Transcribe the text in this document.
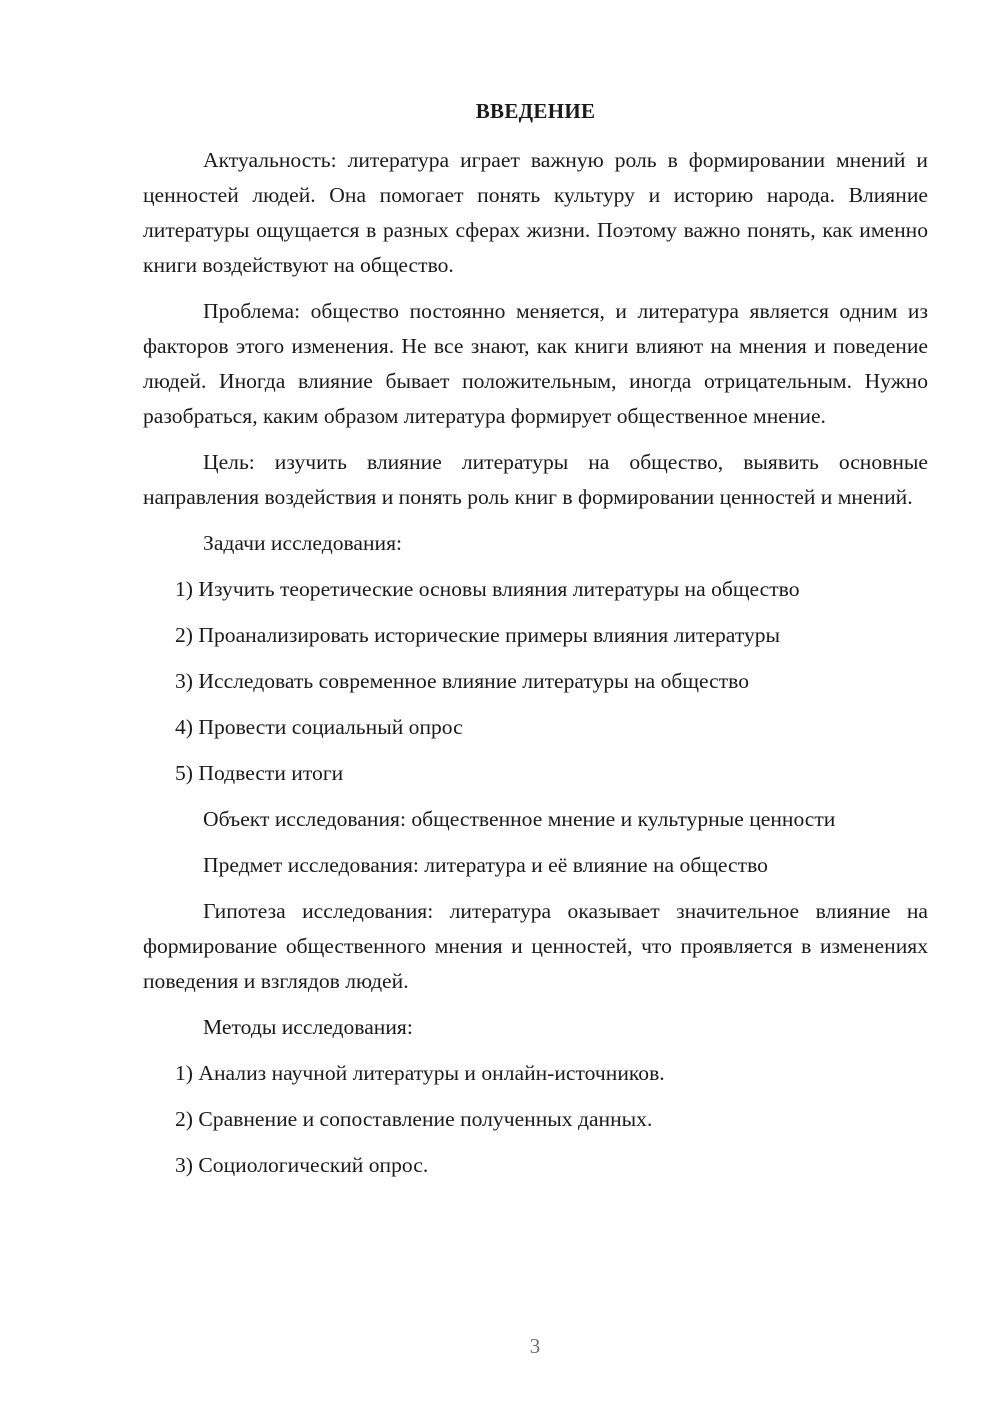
ВВЕДЕНИЕ

Актуальность: литература играет важную роль в формировании мнений и ценностей людей. Она помогает понять культуру и историю народа. Влияние литературы ощущается в разных сферах жизни. Поэтому важно понять, как именно книги воздействуют на общество.

Проблема: общество постоянно меняется, и литература является одним из факторов этого изменения. Не все знают, как книги влияют на мнения и поведение людей. Иногда влияние бывает положительным, иногда отрицательным. Нужно разобраться, каким образом литература формирует общественное мнение.

Цель: изучить влияние литературы на общество, выявить основные направления воздействия и понять роль книг в формировании ценностей и мнений.

Задачи исследования:

1) Изучить теоретические основы влияния литературы на общество

2) Проанализировать исторические примеры влияния литературы

3) Исследовать современное влияние литературы на общество

4) Провести социальный опрос

5) Подвести итоги

Объект исследования: общественное мнение и культурные ценности

Предмет исследования: литература и её влияние на общество

Гипотеза исследования: литература оказывает значительное влияние на формирование общественного мнения и ценностей, что проявляется в изменениях поведения и взглядов людей.

Методы исследования:

1) Анализ научной литературы и онлайн-источников.

2) Сравнение и сопоставление полученных данных.

3) Социологический опрос.

3
